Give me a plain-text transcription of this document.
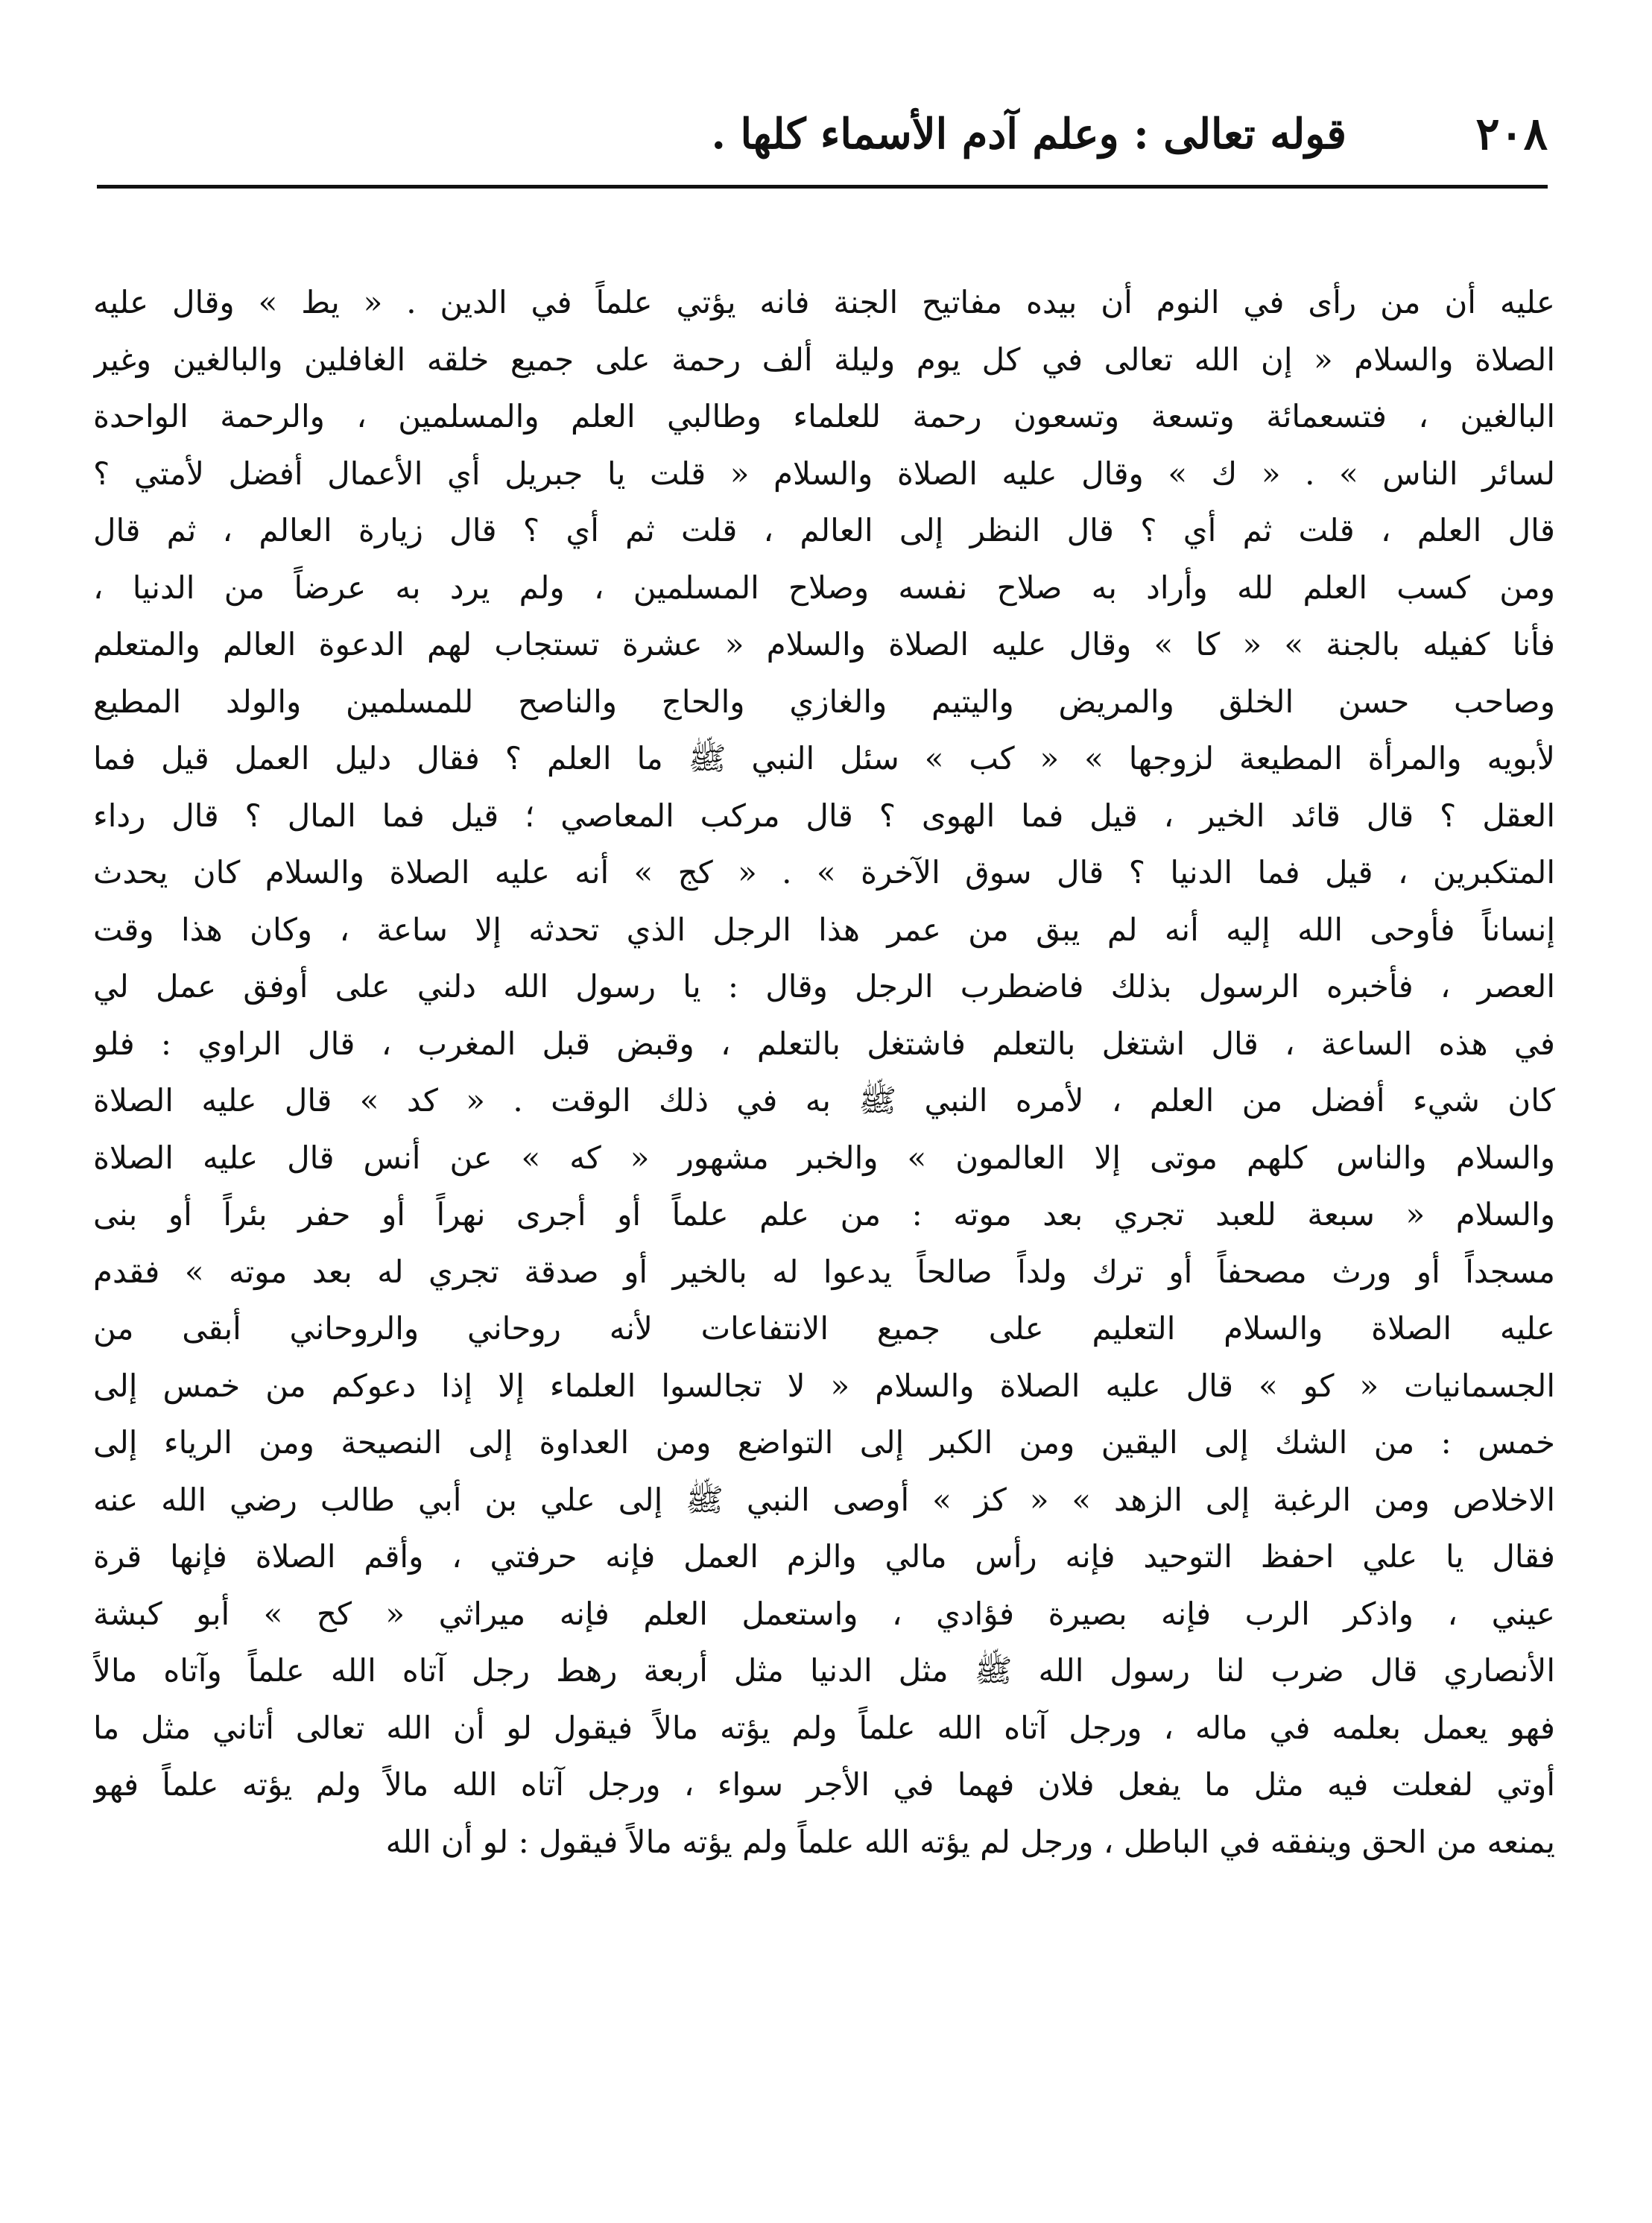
٢٠٨
قوله تعالى : وعلم آدم الأسماء كلها .
عليه أن من رأى في النوم أن بيده مفاتيح الجنة فانه يؤتي علماً في الدين . « يط » وقال عليه
الصلاة والسلام « إن الله تعالى في كل يوم وليلة ألف رحمة على جميع خلقه الغافلين والبالغين وغير
البالغين ، فتسعمائة وتسعة وتسعون رحمة للعلماء وطالبي العلم والمسلمين ، والرحمة الواحدة
لسائر الناس » . « ك » وقال عليه الصلاة والسلام « قلت يا جبريل أي الأعمال أفضل لأمتي ؟
قال العلم ، قلت ثم أي ؟ قال النظر إلى العالم ، قلت ثم أي ؟ قال زيارة العالم ، ثم قال
ومن كسب العلم لله وأراد به صلاح نفسه وصلاح المسلمين ، ولم يرد به عرضاً من الدنيا ،
فأنا كفيله بالجنة » « كا » وقال عليه الصلاة والسلام « عشرة تستجاب لهم الدعوة العالم والمتعلم
وصاحب حسن الخلق والمريض واليتيم والغازي والحاج والناصح للمسلمين والولد المطيع
لأبويه والمرأة المطيعة لزوجها » « كب » سئل النبي ﷺ ما العلم ؟ فقال دليل العمل قيل فما
العقل ؟ قال قائد الخير ، قيل فما الهوى ؟ قال مركب المعاصي ؛ قيل فما المال ؟ قال رداء
المتكبرين ، قيل فما الدنيا ؟ قال سوق الآخرة » . « كج » أنه عليه الصلاة والسلام كان يحدث
إنساناً فأوحى الله إليه أنه لم يبق من عمر هذا الرجل الذي تحدثه إلا ساعة ، وكان هذا وقت
العصر ، فأخبره الرسول بذلك فاضطرب الرجل وقال : يا رسول الله دلني على أوفق عمل لي
في هذه الساعة ، قال اشتغل بالتعلم فاشتغل بالتعلم ، وقبض قبل المغرب ، قال الراوي : فلو
كان شيء أفضل من العلم ، لأمره النبي ﷺ به في ذلك الوقت . « كد » قال عليه الصلاة
والسلام والناس كلهم موتى إلا العالمون » والخبر مشهور « كه » عن أنس قال عليه الصلاة
والسلام « سبعة للعبد تجري بعد موته : من علم علماً أو أجرى نهراً أو حفر بئراً أو بنى
مسجداً أو ورث مصحفاً أو ترك ولداً صالحاً يدعوا له بالخير أو صدقة تجري له بعد موته » فقدم
عليه الصلاة والسلام التعليم على جميع الانتفاعات لأنه روحاني والروحاني أبقى من
الجسمانيات « كو » قال عليه الصلاة والسلام « لا تجالسوا العلماء إلا إذا دعوكم من خمس إلى
خمس : من الشك إلى اليقين ومن الكبر إلى التواضع ومن العداوة إلى النصيحة ومن الرياء إلى
الاخلاص ومن الرغبة إلى الزهد » « كز » أوصى النبي ﷺ إلى علي بن أبي طالب رضي الله عنه
فقال يا علي احفظ التوحيد فإنه رأس مالي والزم العمل فإنه حرفتي ، وأقم الصلاة فإنها قرة
عيني ، واذكر الرب فإنه بصيرة فؤادي ، واستعمل العلم فإنه ميراثي « كح » أبو كبشة
الأنصاري قال ضرب لنا رسول الله ﷺ مثل الدنيا مثل أربعة رهط رجل آتاه الله علماً وآتاه مالاً
فهو يعمل بعلمه في ماله ، ورجل آتاه الله علماً ولم يؤته مالاً فيقول لو أن الله تعالى أتاني مثل ما
أوتي لفعلت فيه مثل ما يفعل فلان فهما في الأجر سواء ، ورجل آتاه الله مالاً ولم يؤته علماً فهو
يمنعه من الحق وينفقه في الباطل ، ورجل لم يؤته الله علماً ولم يؤته مالاً فيقول : لو أن الله
